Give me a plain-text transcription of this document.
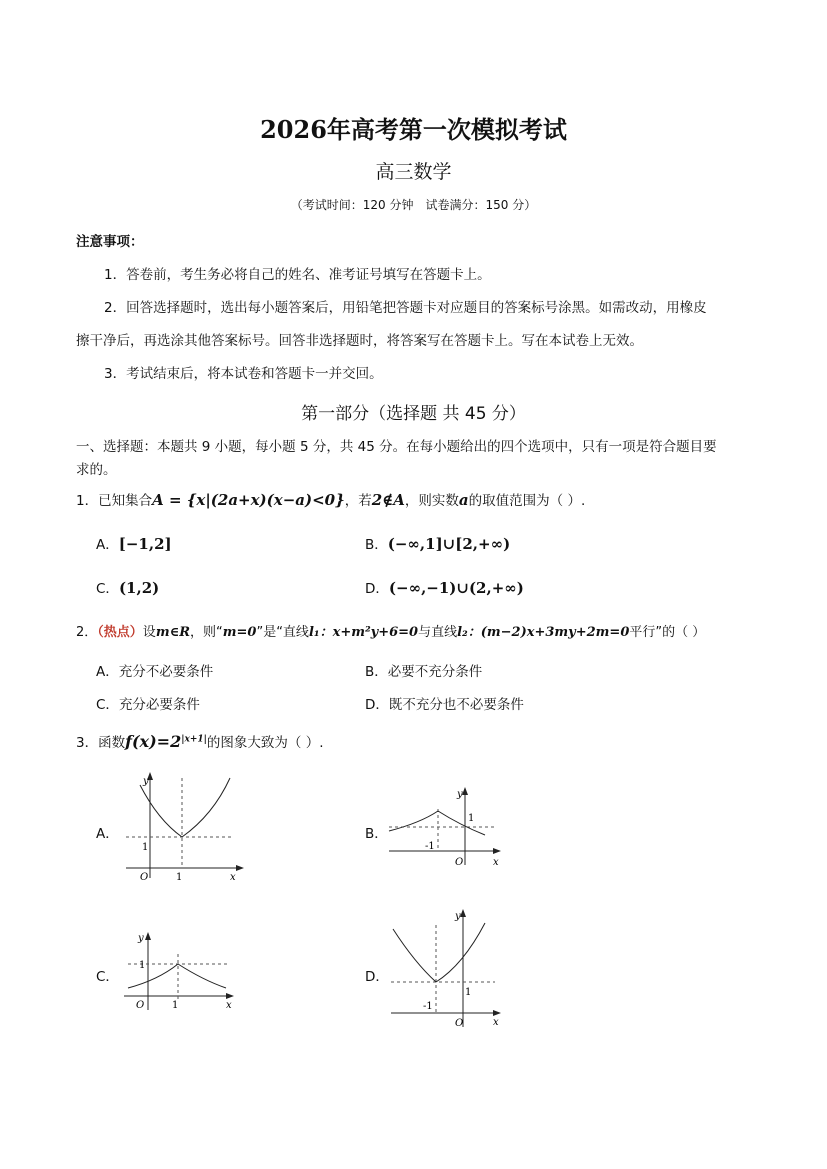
2026年高考第一次模拟考试
高三数学
（考试时间：120 分钟　试卷满分：150 分）
注意事项：
1．答卷前，考生务必将自己的姓名、准考证号填写在答题卡上。
2．回答选择题时，选出每小题答案后，用铅笔把答题卡对应题目的答案标号涂黑。如需改动，用橡皮
擦干净后，再选涂其他答案标号。回答非选择题时，将答案写在答题卡上。写在本试卷上无效。
3．考试结束后，将本试卷和答题卡一并交回。
第一部分（选择题 共 45 分）
一、选择题：本题共 9 小题，每小题 5 分，共 45 分。在每小题给出的四个选项中，只有一项是符合题目要
求的。
1．已知集合A = {x|(2a+x)(x−a)<0}，若2∉A，则实数a的取值范围为（ ）.
A．[−1,2]	B．(−∞,1]∪[2,+∞)
C．(1,2)	D．(−∞,−1)∪(2,+∞)
2．（热点）设m∈R，则“m=0”是“直线l₁：x+m²y+6=0与直线l₂：(m−2)x+3my+2m=0平行”的（ ）
A．充分不必要条件	B．必要不充分条件
C．充分必要条件	D．既不充分也不必要条件
3．函数$f(x)=2^{|x+1|}$的图象大致为（ ）.
A．	B．
C．	D．
y
x
O	1
1
y
x
O
1
-1
y
x
O	1
1
y
x
O
1
-1
